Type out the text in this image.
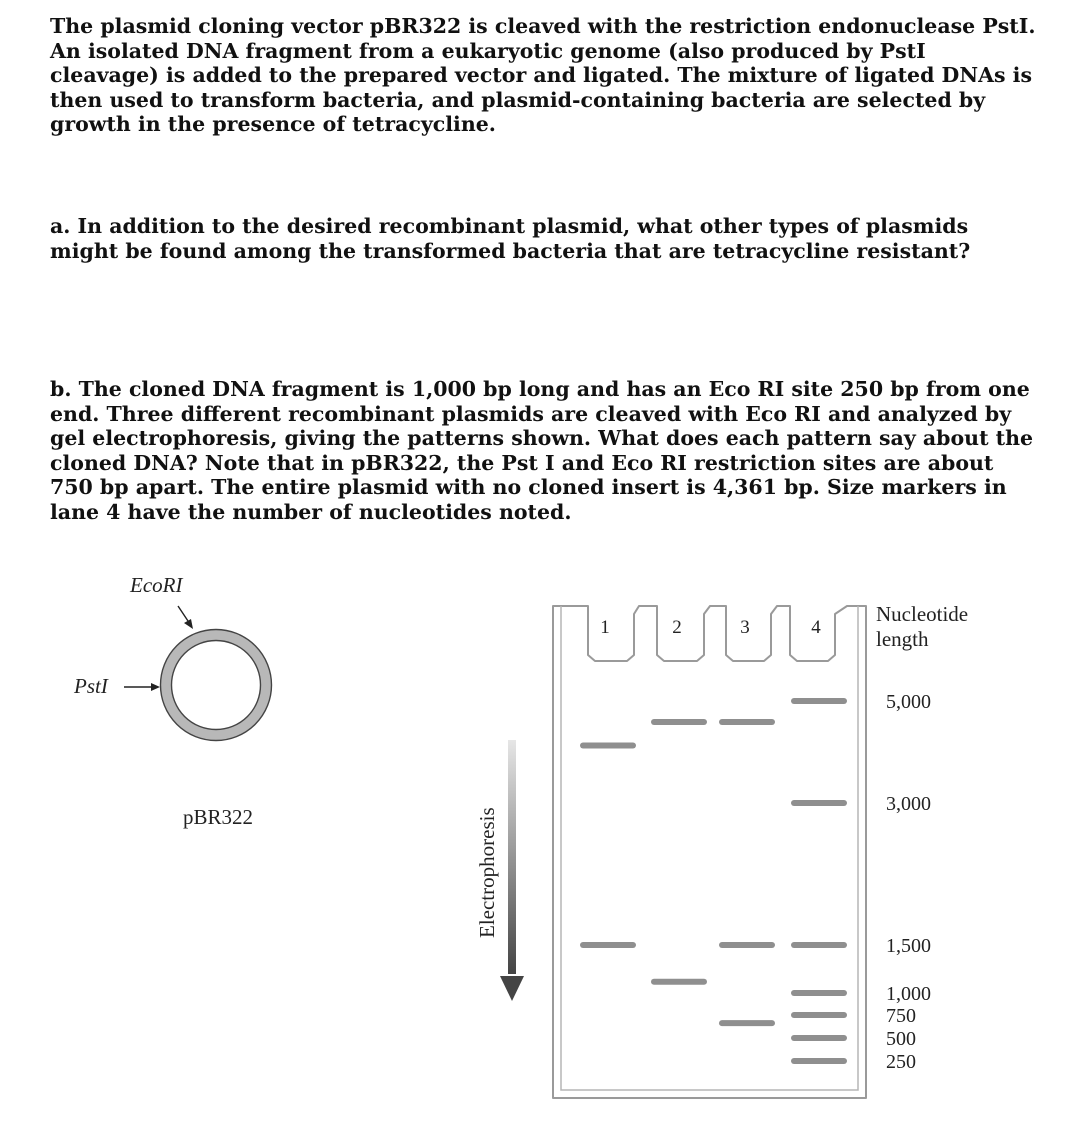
The plasmid cloning vector pBR322 is cleaved with the restriction endonuclease PstI. An isolated DNA fragment from a eukaryotic genome (also produced by PstI cleavage) is added to the prepared vector and ligated. The mixture of ligated DNAs is then used to transform bacteria, and plasmid-containing bacteria are selected by growth in the presence of tetracycline.
a. In addition to the desired recombinant plasmid, what other types of plasmids might be found among the transformed bacteria that are tetracycline resistant?
b. The cloned DNA fragment is 1,000 bp long and has an Eco RI site 250 bp from one end. Three different recombinant plasmids are cleaved with Eco RI and analyzed by gel electrophoresis, giving the patterns shown. What does each pattern say about the cloned DNA? Note that in pBR322, the Pst I and Eco RI restriction sites are about 750 bp apart. The entire plasmid with no cloned insert is 4,361 bp. Size markers in lane 4 have the number of nucleotides noted.
EcoRI
PstI
pBR322	Electrophoresis
1	2	3	4
5,000
3,000
1,500
1,000
750
500
250
Nucleotide
length
